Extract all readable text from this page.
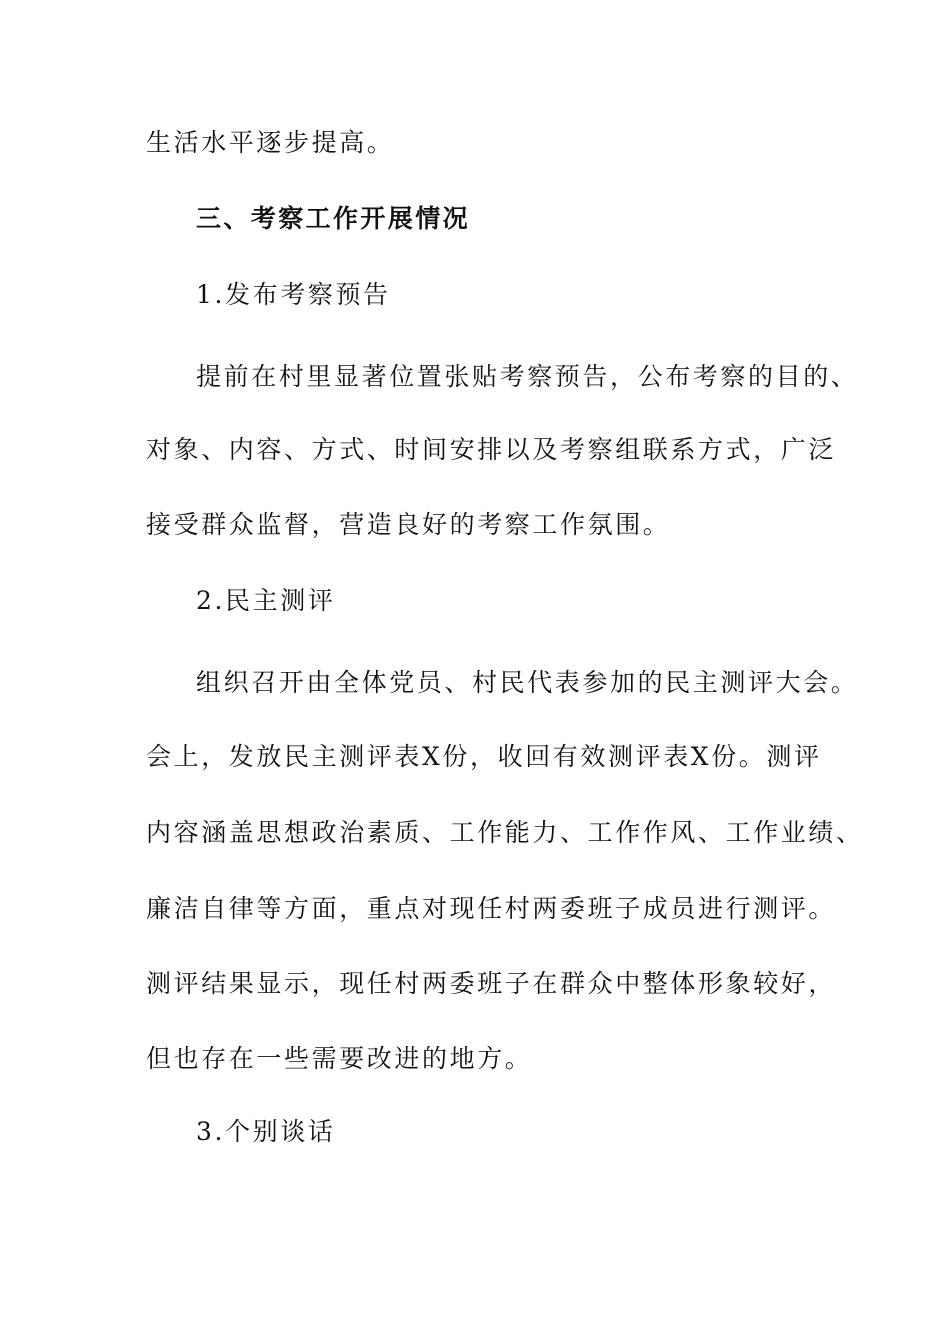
生活水平逐步提高。
三、考察工作开展情况
1.发布考察预告
提前在村里显著位置张贴考察预告，公布考察的目的、
对象、内容、方式、时间安排以及考察组联系方式，广泛
接受群众监督，营造良好的考察工作氛围。
2.民主测评
组织召开由全体党员、村民代表参加的民主测评大会。
会上，发放民主测评表X份，收回有效测评表X份。测评
内容涵盖思想政治素质、工作能力、工作作风、工作业绩、
廉洁自律等方面，重点对现任村两委班子成员进行测评。
测评结果显示，现任村两委班子在群众中整体形象较好，
但也存在一些需要改进的地方。
3.个别谈话
